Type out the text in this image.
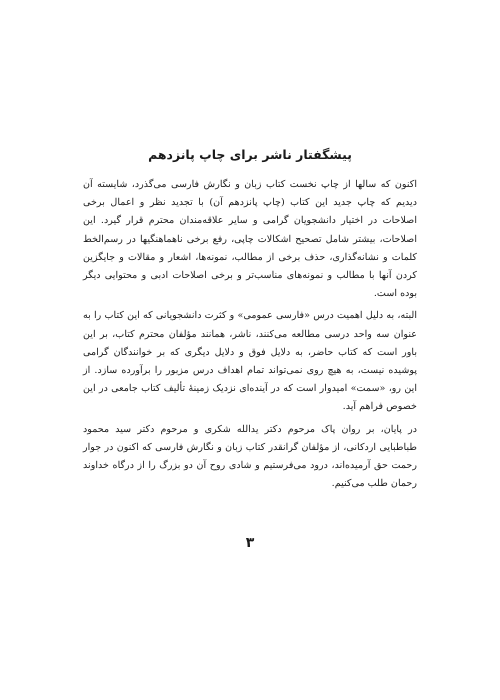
پیشگفتار ناشر برای چاپ پانزدهم

اکنون که سالها از چاپ نخست کتاب زبان و نگارش فارسی می‌گذرد، شایسته آن دیدیم که چاپ جدید این کتاب (چاپ پانزدهم آن) با تجدید نظر و اعمال برخی اصلاحات در اختیار دانشجویان گرامی و سایر علاقه‌مندان محترم قرار گیرد. این اصلاحات، بیشتر شامل تصحیح اشکالات چاپی، رفع برخی ناهماهنگیها در رسم‌الخط کلمات و نشانه‌گذاری، حذف برخی از مطالب، نمونه‌ها، اشعار و مقالات و جایگزین کردن آنها با مطالب و نمونه‌های مناسب‌تر و برخی اصلاحات ادبی و محتوایی دیگر بوده است.

البته، به دلیل اهمیت درس «فارسی عمومی» و کثرت دانشجویانی که این کتاب را به عنوان سه واحد درسی مطالعه می‌کنند، ناشر، همانند مؤلفان محترم کتاب، بر این باور است که کتاب حاضر، به دلایل فوق و دلایل دیگری که بر خوانندگان گرامی پوشیده نیست، به هیچ روی نمی‌تواند تمام اهداف درس مزبور را برآورده سازد. از این رو، «سمت» امیدوار است که در آینده‌ای نزدیک زمینهٔ تألیف کتاب جامعی در این خصوص فراهم آید.

در پایان، بر روان پاک مرحوم دکتر یدالله شکری و مرحوم دکتر سید محمود طباطبایی اردکانی، از مؤلفان گرانقدر کتاب زبان و نگارش فارسی که اکنون در جوار رحمت حق آرمیده‌اند، درود می‌فرستیم و شادی روح آن دو بزرگ را از درگاه خداوند رحمان طلب می‌کنیم.

۳
